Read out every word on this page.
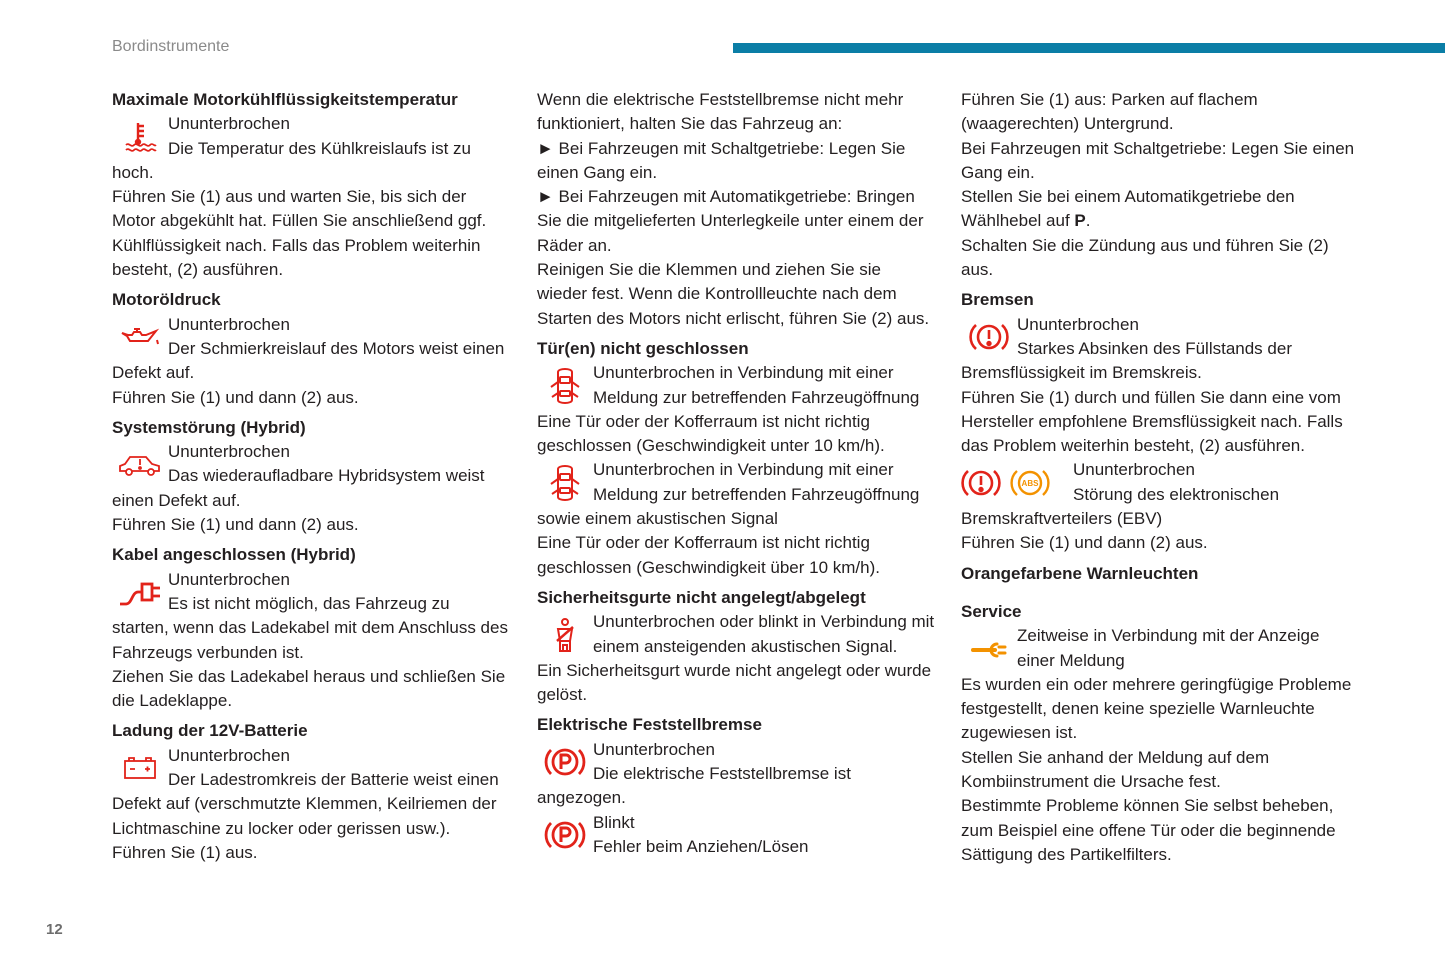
Bordinstrumente
Maximale Motorkühlflüssigkeitstemperatur
Ununterbrochen
Die Temperatur des Kühlkreislaufs ist zu hoch.

Führen Sie (1) aus und warten Sie, bis sich der Motor abgekühlt hat. Füllen Sie anschließend ggf. Kühlflüssigkeit nach. Falls das Problem weiterhin besteht, (2) ausführen.

Motoröldruck
Ununterbrochen
Der Schmierkreislauf des Motors weist einen Defekt auf.

Führen Sie (1) und dann (2) aus.

Systemstörung (Hybrid)
Ununterbrochen
Das wiederaufladbare Hybridsystem weist einen Defekt auf.

Führen Sie (1) und dann (2) aus.

Kabel angeschlossen (Hybrid)
Ununterbrochen
Es ist nicht möglich, das Fahrzeug zu starten, wenn das Ladekabel mit dem Anschluss des Fahrzeugs verbunden ist.

Ziehen Sie das Ladekabel heraus und schließen Sie die Ladeklappe.

Ladung der 12V-Batterie
Ununterbrochen
Der Ladestromkreis der Batterie weist einen Defekt auf (verschmutzte Klemmen, Keilriemen der Lichtmaschine zu locker oder gerissen usw.).

Führen Sie (1) aus.

Wenn die elektrische Feststellbremse nicht mehr funktioniert, halten Sie das Fahrzeug an:

► Bei Fahrzeugen mit Schaltgetriebe: Legen Sie einen Gang ein.

► Bei Fahrzeugen mit Automatikgetriebe: Bringen Sie die mitgelieferten Unterlegkeile unter einem der Räder an.

Reinigen Sie die Klemmen und ziehen Sie sie wieder fest. Wenn die Kontrollleuchte nach dem Starten des Motors nicht erlischt, führen Sie (2) aus.

Tür(en) nicht geschlossen
Ununterbrochen in Verbindung mit einer Meldung zur betreffenden Fahrzeugöffnung

Eine Tür oder der Kofferraum ist nicht richtig geschlossen (Geschwindigkeit unter 10 km/h).

Ununterbrochen in Verbindung mit einer Meldung zur betreffenden Fahrzeugöffnung sowie einem akustischen Signal

Eine Tür oder der Kofferraum ist nicht richtig geschlossen (Geschwindigkeit über 10 km/h).

Sicherheitsgurte nicht angelegt/abgelegt
Ununterbrochen oder blinkt in Verbindung mit einem ansteigenden akustischen Signal.

Ein Sicherheitsgurt wurde nicht angelegt oder wurde gelöst.

Elektrische Feststellbremse
Ununterbrochen
Die elektrische Feststellbremse ist angezogen.
Blinkt
Fehler beim Anziehen/Lösen

Führen Sie (1) aus: Parken auf flachem (waagerechten) Untergrund.

Bei Fahrzeugen mit Schaltgetriebe: Legen Sie einen Gang ein.

Stellen Sie bei einem Automatikgetriebe den Wählhebel auf P.

Schalten Sie die Zündung aus und führen Sie (2) aus.

Bremsen
Ununterbrochen
Starkes Absinken des Füllstands der Bremsflüssigkeit im Bremskreis.

Führen Sie (1) durch und füllen Sie dann eine vom Hersteller empfohlene Bremsflüssigkeit nach. Falls das Problem weiterhin besteht, (2) ausführen.

ABS
Ununterbrochen
Störung des elektronischen Bremskraftverteilers (EBV)

Führen Sie (1) und dann (2) aus.

Orangefarbene Warnleuchten
Service
Zeitweise in Verbindung mit der Anzeige einer Meldung

Es wurden ein oder mehrere geringfügige Probleme festgestellt, denen keine spezielle Warnleuchte zugewiesen ist.

Stellen Sie anhand der Meldung auf dem Kombiinstrument die Ursache fest.

Bestimmte Probleme können Sie selbst beheben, zum Beispiel eine offene Tür oder die beginnende Sättigung des Partikelfilters.

12
